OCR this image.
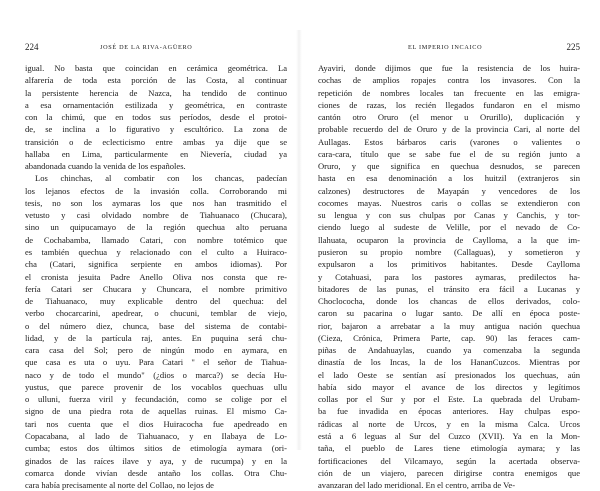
224	JOSÉ DE LA RIVA-AGÜERO
igual. No basta que coincidan en cerámica geométrica. La
alfarería de toda esta porción de las Costa, al continuar
la persistente herencia de Nazca, ha tendido de continuo
a esa ornamentación estilizada y geométrica, en contraste
con la chimú, que en todos sus períodos, desde el protoi-
de, se inclina a lo figurativo y escultórico. La zona de
transición o de eclecticismo entre ambas ya dije que se
hallaba en Lima, particularmente en Nievería, ciudad ya
abandonada cuando la venida de los españoles.
Los chinchas, al combatir con los chancas, padecían
los lejanos efectos de la invasión colla. Corroborando mi
tesis, no son los aymaras los que nos han trasmitido el
vetusto y casi olvidado nombre de Tiahuanaco (Chucara),
sino un quipucamayo de la región quechua alto peruana
de Cochabamba, llamado Catari, con nombre totémico que
es también quechua y relacionado con el culto a Huiraco-
cha (Catari, significa serpiente en ambos idiomas). Por
el cronista jesuita Padre Anello Oliva nos consta que re-
fería Catari ser Chucara y Chuncara, el nombre primitivo
de Tiahuanaco, muy explicable dentro del quechua: del
verbo chocarcarini, apedrear, o chucuni, temblar de viejo,
o del número diez, chunca, base del sistema de contabi-
lidad, y de la partícula raj, antes. En puquina será chu-
cara casa del Sol; pero de ningún modo en aymara, en
que casa es uta o uyu. Para Catari " el señor de Tiahua-
naco y de todo el mundo" (¿dios o marca?) se decía Hu-
yustus, que parece provenir de los vocablos quechuas ullu
o ulluni, fuerza viril y fecundación, como se colige por el
signo de una piedra rota de aquellas ruinas. El mismo Ca-
tari nos cuenta que el dios Huiracocha fue apedreado en
Copacabana, al lado de Tiahuanaco, y en Ilabaya de Lo-
cumba; estos dos últimos sitios de etimología aymara (ori-
ginados de las raíces ilave y aya, y de rucumpa) y en la
comarca donde vivían desde antaño los collas. Otra Chu-
cara había precisamente al norte del Collao, no lejos de
EL IMPERIO INCAICO	225
Ayaviri, donde dijimos que fue la resistencia de los huira-
cochas de amplios ropajes contra los invasores. Con la
repetición de nombres locales tan frecuente en las emigra-
ciones de razas, los recién llegados fundaron en el mismo
cantón otro Oruro (el menor u Orurillo), duplicación y
probable recuerdo del de Oruro y de la provincia Cari, al norte del
Aullagas. Estos bárbaros caris (varones o valientes o
cara-cara, título que se sabe fue el de su región junto a
Oruro, y que significa en quechua desnudos, se parecen
hasta en esa denominación a los huitzil (extranjeros sin
calzones) destructores de Mayapán y vencedores de los
cocomes mayas. Nuestros caris o collas se extendieron con
su lengua y con sus chulpas por Canas y Canchis, y tor-
ciendo luego al sudeste de Velille, por el nevado de Co-
llahuata, ocuparon la provincia de Caylloma, a la que im-
pusieron su propio nombre (Callaguas), y sometieron y
expulsaron a los primitivos habitantes. Desde Caylloma
y Cotahuasi, para los pastores aymaras, predilectos ha-
bitadores de las punas, el tránsito era fácil a Lucanas y
Choclococha, donde los chancas de ellos derivados, colo-
caron su pacarina o lugar santo. De allí en época poste-
rior, bajaron a arrebatar a la muy antigua nación quechua
(Cieza, Crónica, Primera Parte, cap. 90) las feraces cam-
piñas de Andahuaylas, cuando ya comenzaba la segunda
dinastía de los Incas, la de los HananCuzcos. Mientras por
el lado Oeste se sentían así presionados los quechuas, aún
había sido mayor el avance de los directos y legítimos
collas por el Sur y por el Este. La quebrada del Urubam-
ba fue invadida en épocas anteriores. Hay chulpas espo-
rádicas al norte de Urcos, y en la misma Calca. Urcos
está a 6 leguas al Sur del Cuzco (XVII). Ya en la Mon-
taña, el pueblo de Lares tiene etimología aymara; y las
fortificaciones del Vilcamayo, según la acertada observa-
ción de un viajero, parecen dirigirse contra enemigos que
avanzaran del lado meridional. En el centro, arriba de Ve-
